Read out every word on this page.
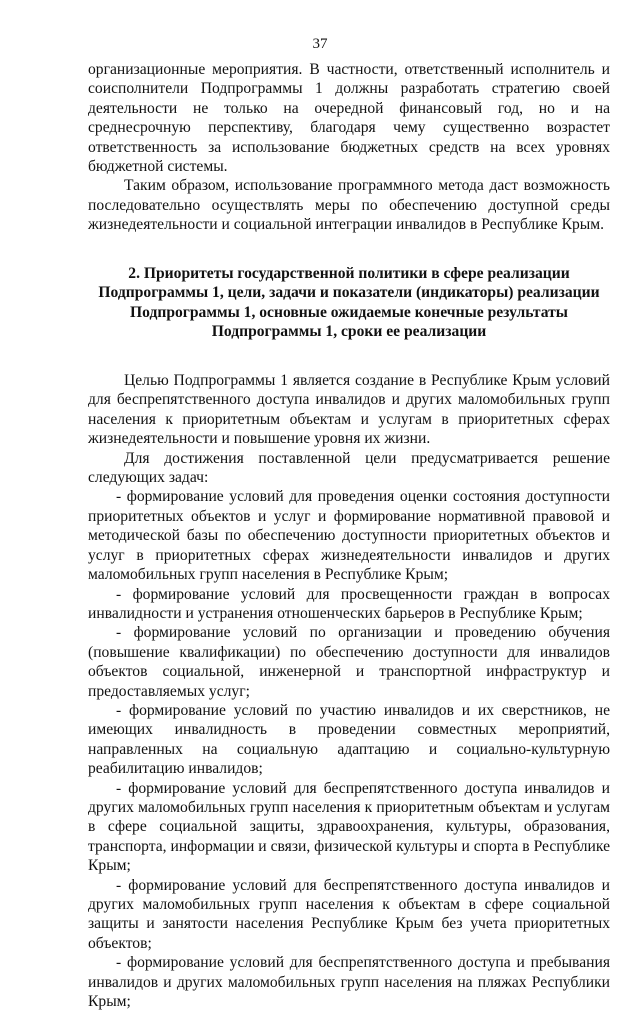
37

организационные мероприятия. В частности, ответственный исполнитель и соисполнители Подпрограммы 1 должны разработать стратегию своей деятельности не только на очередной финансовый год, но и на среднесрочную перспективу, благодаря чему существенно возрастет ответственность за использование бюджетных средств на всех уровнях бюджетной системы.

Таким образом, использование программного метода даст возможность последовательно осуществлять меры по обеспечению доступной среды жизнедеятельности и социальной интеграции инвалидов в Республике Крым.

2. Приоритеты государственной политики в сфере реализации
Подпрограммы 1, цели, задачи и показатели (индикаторы) реализации
Подпрограммы 1, основные ожидаемые конечные результаты
Подпрограммы 1, сроки ее реализации

Целью Подпрограммы 1 является создание в Республике Крым условий для беспрепятственного доступа инвалидов и других маломобильных групп населения к приоритетным объектам и услугам в приоритетных сферах жизнедеятельности и повышение уровня их жизни.

Для достижения поставленной цели предусматривается решение следующих задач:

- формирование условий для проведения оценки состояния доступности приоритетных объектов и услуг и формирование нормативной правовой и методической базы по обеспечению доступности приоритетных объектов и услуг в приоритетных сферах жизнедеятельности инвалидов и других маломобильных групп населения в Республике Крым;

- формирование условий для просвещенности граждан в вопросах инвалидности и устранения отношенческих барьеров в Республике Крым;

- формирование условий по организации и проведению обучения (повышение квалификации) по обеспечению доступности для инвалидов объектов социальной, инженерной и транспортной инфраструктур и предоставляемых услуг;

- формирование условий по участию инвалидов и их сверстников, не имеющих инвалидность в проведении совместных мероприятий, направленных на социальную адаптацию и социально-культурную реабилитацию инвалидов;

- формирование условий для беспрепятственного доступа инвалидов и других маломобильных групп населения к приоритетным объектам и услугам в сфере социальной защиты, здравоохранения, культуры, образования, транспорта, информации и связи, физической культуры и спорта в Республике Крым;

- формирование условий для беспрепятственного доступа инвалидов и других маломобильных групп населения к объектам в сфере социальной защиты и занятости населения Республике Крым без учета приоритетных объектов;

- формирование условий для беспрепятственного доступа и пребывания инвалидов и других маломобильных групп населения на пляжах Республики Крым;
